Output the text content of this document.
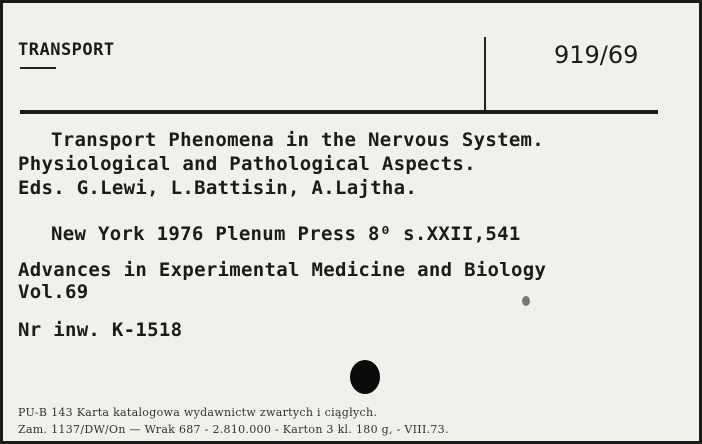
TRANSPORT	919/69
Transport Phenomena in the Nervous System.
Physiological and Pathological Aspects.
Eds. G.Lewi, L.Battisin, A.Lajtha.
New York 1976 Plenum Press 8⁰ s.XXII,541
Advances in Experimental Medicine and Biology
Vol.69
Nr inw. K-1518
PU-B 143 Karta katalogowa wydawnictw zwartych i ciągłych.
Zam. 1137/DW/On — Wrak 687 - 2.810.000 - Karton 3 kl. 180 g, - VIII.73.
